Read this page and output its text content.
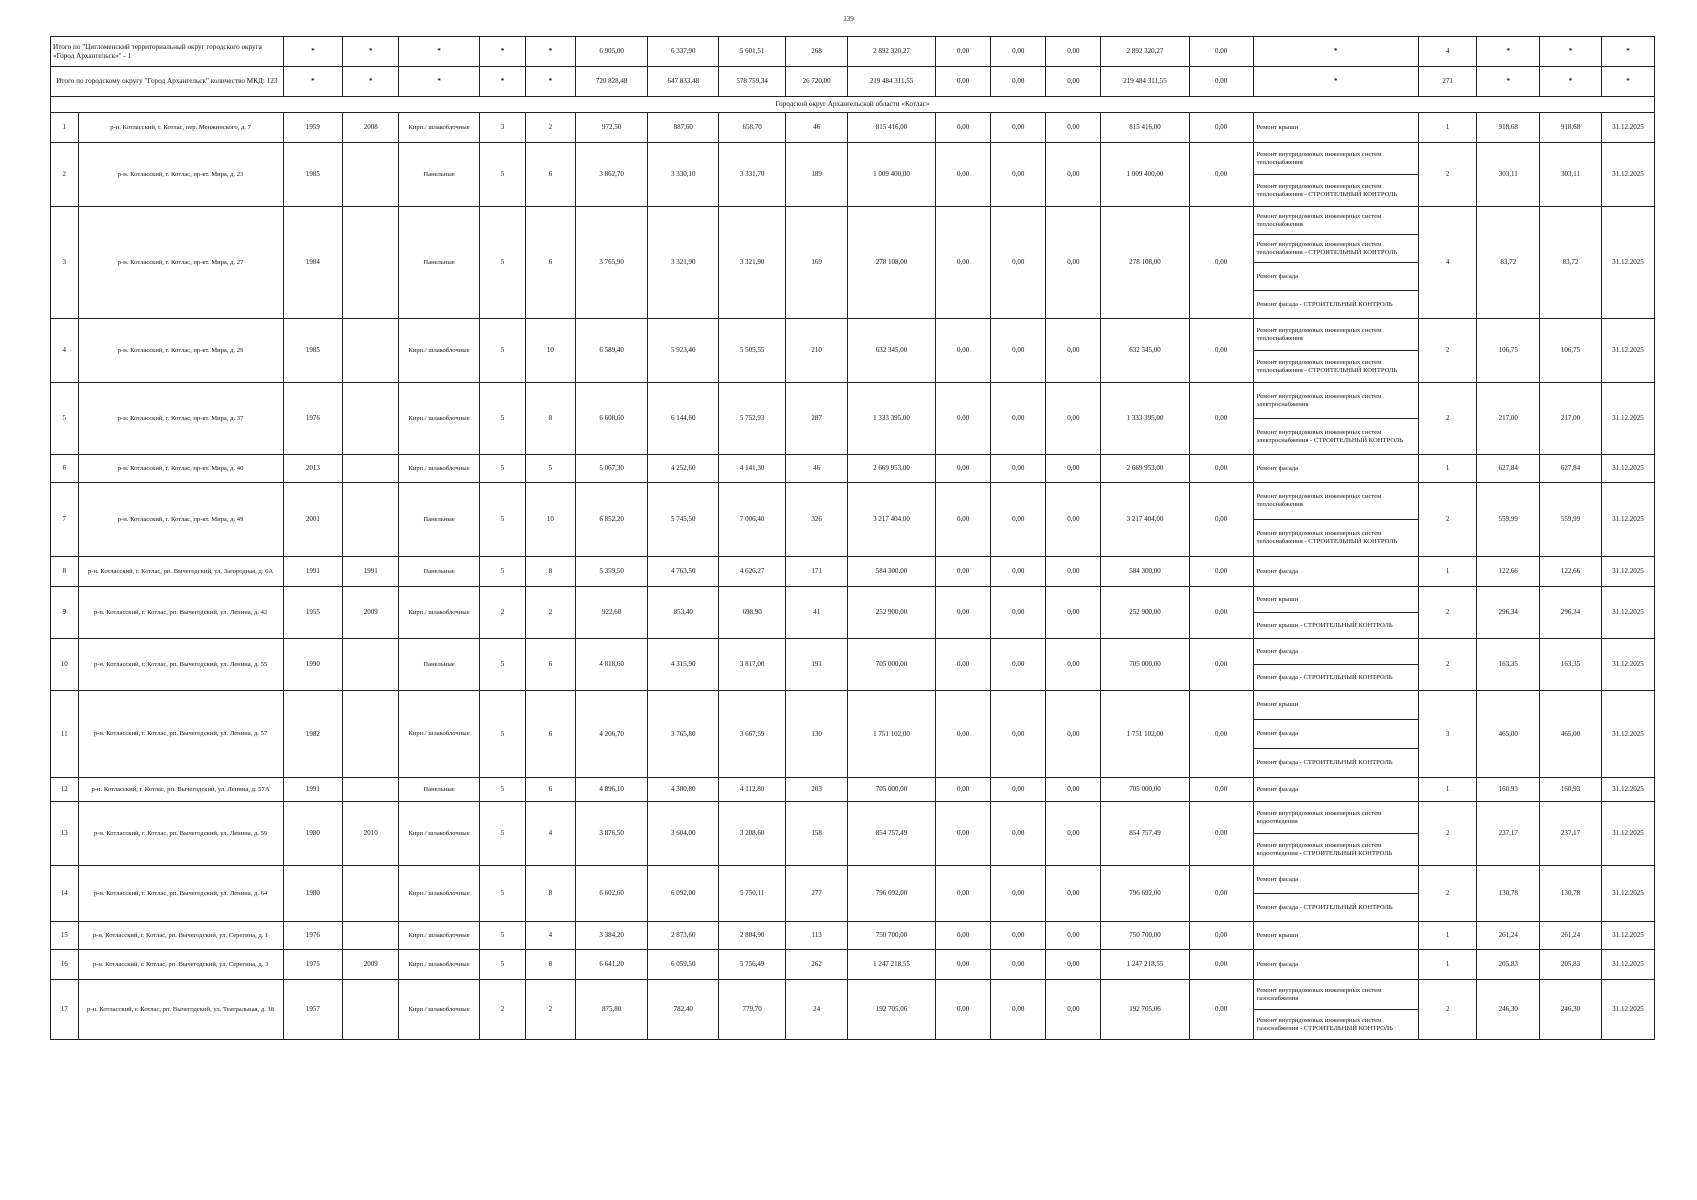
139
Итого по "Цигломенский территориальный округ городского округа «Город Архангельск»" - 1		*	*	*	*	*	6 905,00	6 337,90	5 601,51	268	2 892 320,27	0,00	0,00	0,00	2 892 320,27	0,00	*	4	*	*	*
Итого по городскому округу "Город Архангельск" количество МКД: 123		*	*	*	*	*	720 828,48	647 833,48	578 759,34	26 720,00	219 484 311,55	0,00	0,00	0,00	219 484 311,55	0,00	*	271	*	*	*
Городской округ Архангельской области «Котлас»																					
1	р-н. Котласский, г. Котлас, пер. Менжинского, д. 7	1959	2008	Кирп./ шлакоблочные	3	2	972,50	887,60	658,70	46	815 416,00	0,00	0,00	0,00	815 416,00	0,00	Ремонт крыши	1	918,68	918,68	31.12.2025
2	р-н. Котласский, г. Котлас, пр-кт. Мира, д. 23	1985		Панельные	5	6	3 862,70	3 330,10	3 331,70	189	1 009 400,00	0,00	0,00	0,00	1 009 400,00	0,00	Ремонт внутридомовых инженерных систем теплоснабжения
Ремонт внутридомовых инженерных систем теплоснабжения - СТРОИТЕЛЬНЫЙ КОНТРОЛЬ	2	303,11	303,11	31.12.2025
3	р-н. Котласский, г. Котлас, пр-кт. Мира, д. 27	1984		Панельные	5	6	3 765,90	3 321,90	3 321,90	169	278 108,00	0,00	0,00	0,00	278 108,00	0,00	Ремонт внутридомовых инженерных систем теплоснабжения
Ремонт внутридомовых инженерных систем теплоснабжения - СТРОИТЕЛЬНЫЙ КОНТРОЛЬ
Ремонт фасада
Ремонт фасада - СТРОИТЕЛЬНЫЙ КОНТРОЛЬ	4	83,72	83,72	31.12.2025
4	р-н. Котласский, г. Котлас, пр-кт. Мира, д. 29	1985		Кирп./ шлакоблочные	5	10	6 589,40	5 923,40	5 505,55	210	632 345,00	0,00	0,00	0,00	632 345,00	0,00	Ремонт внутридомовых инженерных систем теплоснабжения
Ремонт внутридомовых инженерных систем теплоснабжения - СТРОИТЕЛЬНЫЙ КОНТРОЛЬ	2	106,75	106,75	31.12.2025
5	р-н. Котласский, г. Котлас, пр-кт. Мира, д. 37	1976		Кирп./ шлакоблочные	5	8	6 608,60	6 144,60	5 752,93	287	1 333 395,00	0,00	0,00	0,00	1 333 395,00	0,00	Ремонт внутридомовых инженерных систем электроснабжения
Ремонт внутридомовых инженерных систем электроснабжения - СТРОИТЕЛЬНЫЙ КОНТРОЛЬ	2	217,00	217,00	31.12.2025
6	р-н. Котласский, г. Котлас, пр-кт. Мира, д. 40	2013		Кирп./ шлакоблочные	5	5	5 067,30	4 252,60	4 141,30	46	2 669 953,00	0,00	0,00	0,00	2 669 953,00	0,00	Ремонт фасада	1	627,84	627,84	31.12.2025
7	р-н. Котласский, г. Котлас, пр-кт. Мира, д. 49	2001		Панельные	5	10	6 852,20	5 745,50	7 006,40	326	3 217 404,00	0,00	0,00	0,00	3 217 404,00	0,00	Ремонт внутридомовых инженерных систем теплоснабжения
Ремонт внутридомовых инженерных систем теплоснабжения - СТРОИТЕЛЬНЫЙ КОНТРОЛЬ	2	559,99	559,99	31.12.2025
8	р-н. Котласский, г. Котлас, рп. Вычегодский, ул. Загородная, д. 6А	1991	1991	Панельные	5	8	5 359,50	4 763,50	4 626,27	171	584 300,00	0,00	0,00	0,00	584 300,00	0,00	Ремонт фасада	1	122,66	122,66	31.12.2025
9	р-н. Котласский, г. Котлас, рп. Вычегодский, ул. Ленина, д. 42	1955	2009	Кирп./ шлакоблочные	2	2	922,60	853,40	698,90	41	252 900,00	0,00	0,00	0,00	252 900,00	0,00	Ремонт крыши
Ремонт крыши - СТРОИТЕЛЬНЫЙ КОНТРОЛЬ	2	296,34	296,34	31.12.2025
10	р-н. Котласский, г. Котлас, рп. Вычегодский, ул. Ленина, д. 55	1990		Панельные	5	6	4 818,60	4 315,90	3 817,00	191	705 000,00	0,00	0,00	0,00	705 000,00	0,00	Ремонт фасада
Ремонт фасада - СТРОИТЕЛЬНЫЙ КОНТРОЛЬ	2	163,35	163,35	31.12.2025
11	р-н. Котласский, г. Котлас, рп. Вычегодский, ул. Ленина, д. 57	1982		Кирп./ шлакоблочные	5	6	4 206,70	3 765,80	3 667,59	130	1 751 102,00	0,00	0,00	0,00	1 751 102,00	0,00	Ремонт крыши
Ремонт фасада
Ремонт фасада - СТРОИТЕЛЬНЫЙ КОНТРОЛЬ	3	465,00	465,00	31.12.2025
12	р-н. Котласский, г. Котлас, рп. Вычегодский, ул. Ленина, д. 57А	1991		Панельные	5	6	4 896,10	4 380,80	4 112,80	203	705 000,00	0,00	0,00	0,00	705 000,00	0,00	Ремонт фасада	1	160,93	160,93	31.12.2025
13	р-н. Котласский, г. Котлас, рп. Вычегодский, ул. Ленина, д. 59	1980	2010	Кирп./ шлакоблочные	5	4	3 876,50	3 604,00	3 208,60	158	854 757,49	0,00	0,00	0,00	854 757,49	0,00	Ремонт внутридомовых инженерных систем водоотведения
Ремонт внутридомовых инженерных систем водоотведения - СТРОИТЕЛЬНЫЙ КОНТРОЛЬ	2	237,17	237,17	31.12.2025
14	р-н. Котласский, г. Котлас, рп. Вычегодский, ул. Ленина, д. 64	1980		Кирп./ шлакоблочные	5	8	6 602,60	6 092,00	5 750,11	277	796 692,00	0,00	0,00	0,00	796 692,00	0,00	Ремонт фасада
Ремонт фасада - СТРОИТЕЛЬНЫЙ КОНТРОЛЬ	2	130,78	130,78	31.12.2025
15	р-н. Котласский, г. Котлас, рп. Вычегодский, ул. Серегина, д. 1	1976		Кирп./ шлакоблочные	5	4	3 384,20	2 873,60	2 804,90	113	750 700,00	0,00	0,00	0,00	750 700,00	0,00	Ремонт крыши	1	261,24	261,24	31.12.2025
16	р-н. Котласский, г. Котлас, рп. Вычегодский, ул. Серегина, д. 3	1975	2009	Кирп./ шлакоблочные	5	8	6 641,20	6 059,50	5 756,49	262	1 247 218,55	0,00	0,00	0,00	1 247 218,55	0,00	Ремонт фасада	1	205,83	205,83	31.12.2025
17	р-н. Котласский, г. Котлас, рп. Вычегодский, ул. Театральная, д. 18	1957		Кирп./ шлакоблочные	2	2	875,80	782,40	779,70	24	192 705,06	0,00	0,00	0,00	192 705,06	0,00	Ремонт внутридомовых инженерных систем газоснабжения
Ремонт внутридомовых инженерных систем газоснабжения - СТРОИТЕЛЬНЫЙ КОНТРОЛЬ	2	246,30	246,30	31.12.2025
